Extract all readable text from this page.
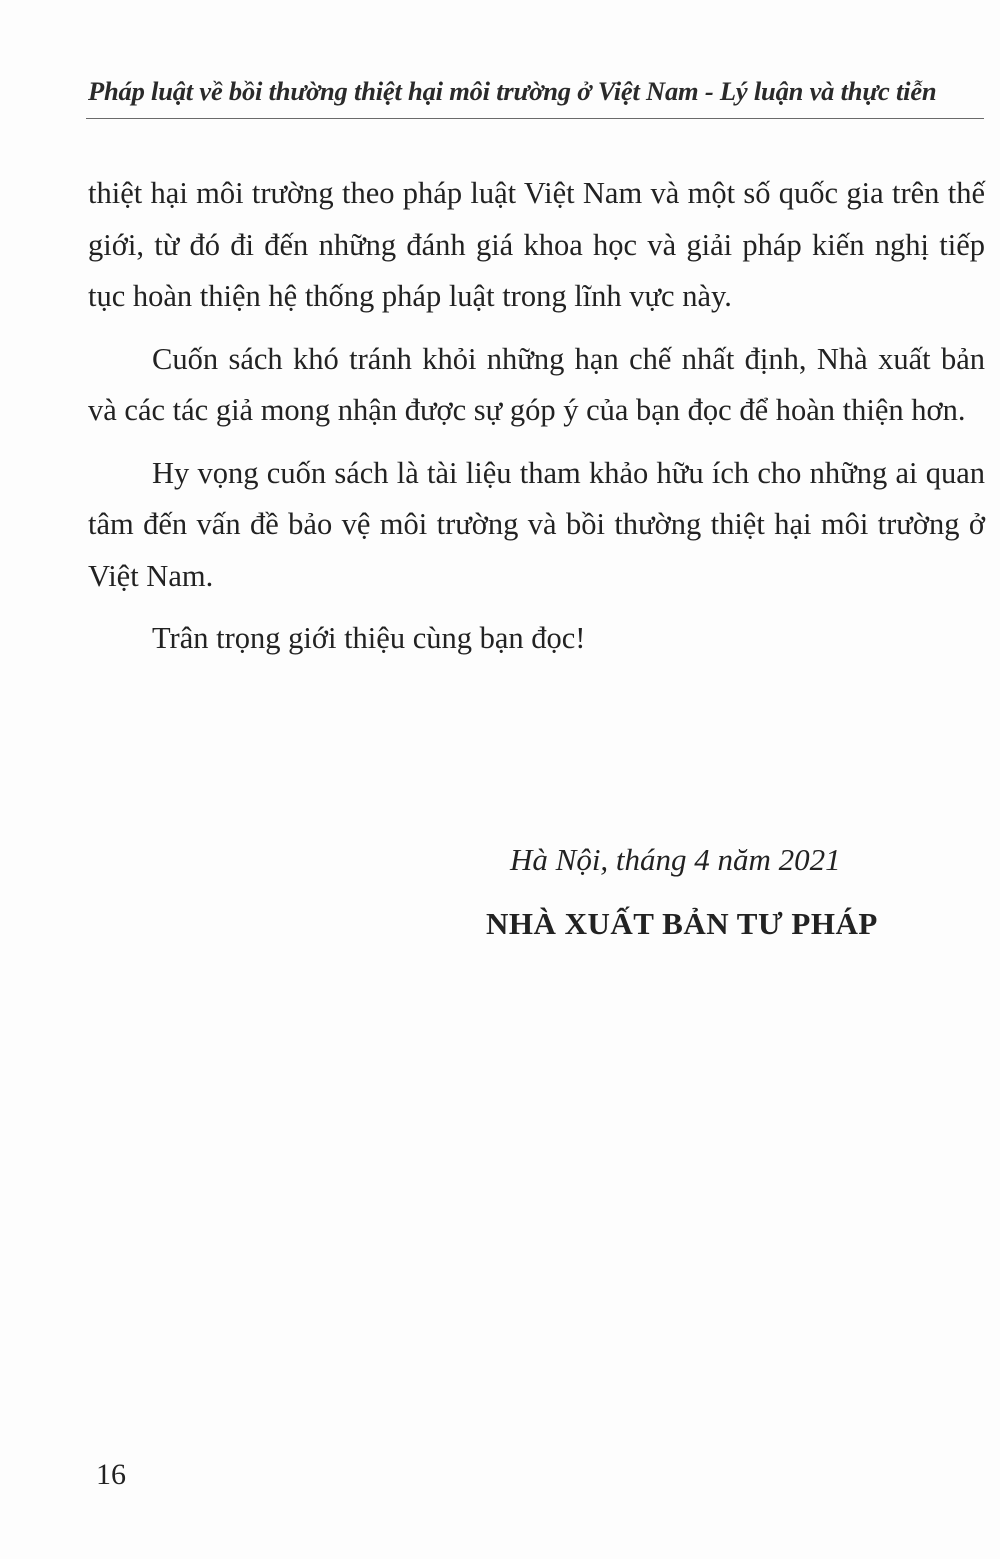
Pháp luật về bồi thường thiệt hại môi trường ở Việt Nam - Lý luận và thực tiễn

thiệt hại môi trường theo pháp luật Việt Nam và một số quốc gia trên thế giới, từ đó đi đến những đánh giá khoa học và giải pháp kiến nghị tiếp tục hoàn thiện hệ thống pháp luật trong lĩnh vực này.

Cuốn sách khó tránh khỏi những hạn chế nhất định, Nhà xuất bản và các tác giả mong nhận được sự góp ý của bạn đọc để hoàn thiện hơn.

Hy vọng cuốn sách là tài liệu tham khảo hữu ích cho những ai quan tâm đến vấn đề bảo vệ môi trường và bồi thường thiệt hại môi trường ở Việt Nam.

Trân trọng giới thiệu cùng bạn đọc!

Hà Nội, tháng 4 năm 2021
NHÀ XUẤT BẢN TƯ PHÁP
16
